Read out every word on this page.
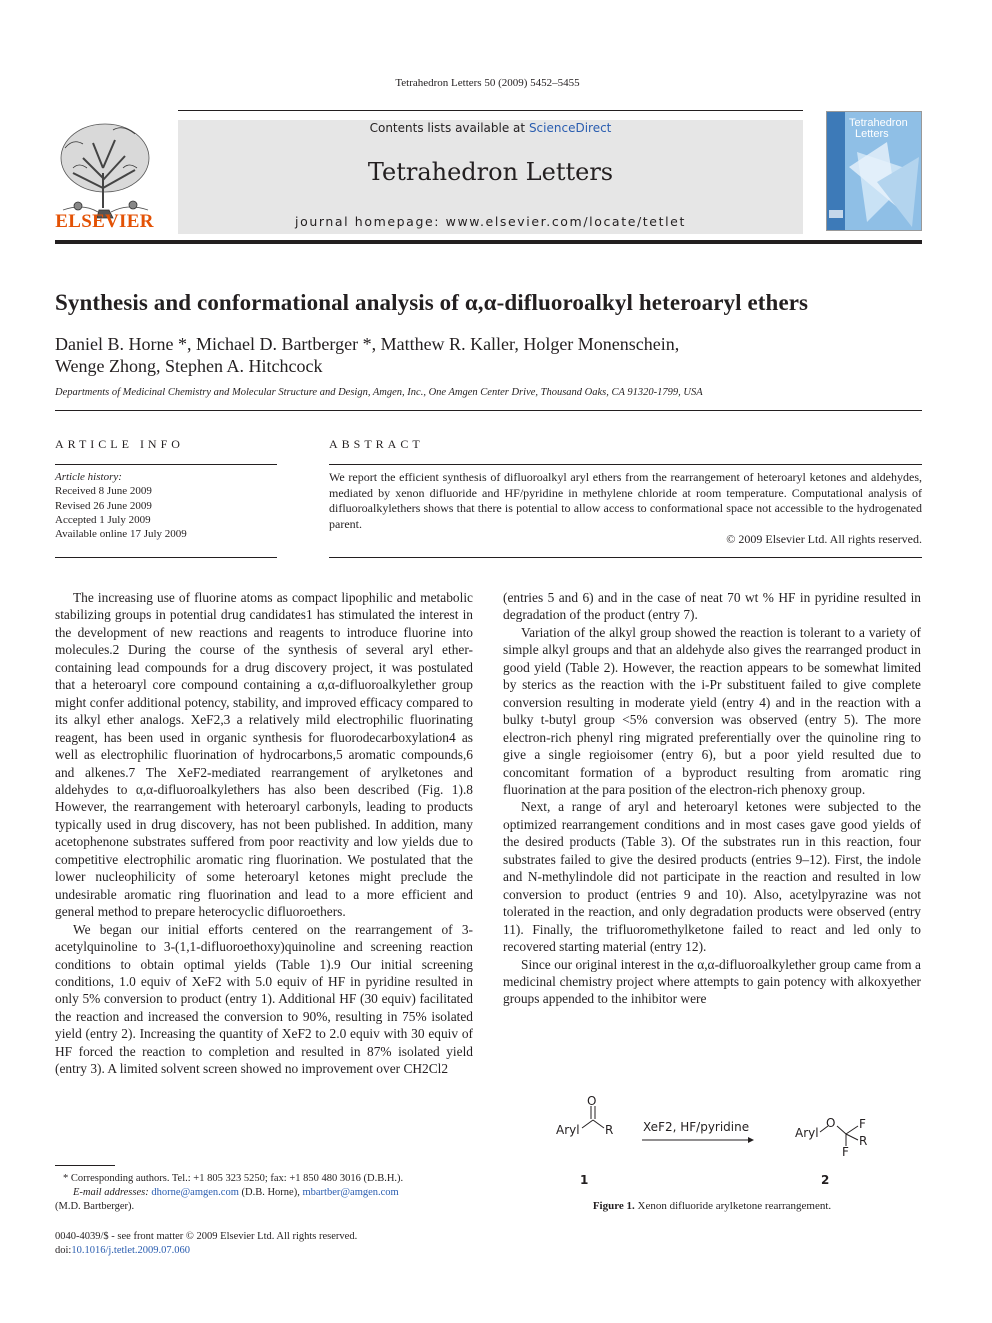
Tetrahedron Letters 50 (2009) 5452–5455
Contents lists available at ScienceDirect
Tetrahedron Letters
journal homepage: www.elsevier.com/locate/tetlet
ELSEVIER
Tetrahedron
Letters
Synthesis and conformational analysis of α,α-difluoroalkyl heteroaryl ethers
Daniel B. Horne *, Michael D. Bartberger *, Matthew R. Kaller, Holger Monenschein,
Wenge Zhong, Stephen A. Hitchcock
Departments of Medicinal Chemistry and Molecular Structure and Design, Amgen, Inc., One Amgen Center Drive, Thousand Oaks, CA 91320-1799, USA
ARTICLE INFO	ABSTRACT
Article history:
Received 8 June 2009
Revised 26 June 2009
Accepted 1 July 2009
Available online 17 July 2009
We report the efficient synthesis of difluoroalkyl aryl ethers from the rearrangement of heteroaryl ketones and aldehydes, mediated by xenon difluoride and HF/pyridine in methylene chloride at room temperature. Computational analysis of difluoroalkylethers shows that there is potential to allow access to conformational space not accessible to the hydrogenated parent.
© 2009 Elsevier Ltd. All rights reserved.

The increasing use of fluorine atoms as compact lipophilic and metabolic stabilizing groups in potential drug candidates1 has stimulated the interest in the development of new reactions and reagents to introduce fluorine into molecules.2 During the course of the synthesis of several aryl ether-containing lead compounds for a drug discovery project, it was postulated that a heteroaryl core compound containing a α,α-difluoroalkylether group might confer additional potency, stability, and improved efficacy compared to its alkyl ether analogs. XeF2,3 a relatively mild electrophilic fluorinating reagent, has been used in organic synthesis for fluorodecarboxylation4 as well as electrophilic fluorination of hydrocarbons,5 aromatic compounds,6 and alkenes.7 The XeF2-mediated rearrangement of arylketones and aldehydes to α,α-difluoroalkylethers has also been described (Fig. 1).8 However, the rearrangement with heteroaryl carbonyls, leading to products typically used in drug discovery, has not been published. In addition, many acetophenone substrates suffered from poor reactivity and low yields due to competitive electrophilic aromatic ring fluorination. We postulated that the lower nucleophilicity of some heteroaryl ketones might preclude the undesirable aromatic ring fluorination and lead to a more efficient and general method to prepare heterocyclic difluoroethers.

We began our initial efforts centered on the rearrangement of 3-acetylquinoline to 3-(1,1-difluoroethoxy)quinoline and screening reaction conditions to obtain optimal yields (Table 1).9 Our initial screening conditions, 1.0 equiv of XeF2 with 5.0 equiv of HF in pyridine resulted in only 5% conversion to product (entry 1). Additional HF (30 equiv) facilitated the reaction and increased the conversion to 90%, resulting in 75% isolated yield (entry 2). Increasing the quantity of XeF2 to 2.0 equiv with 30 equiv of HF forced the reaction to completion and resulted in 87% isolated yield (entry 3). A limited solvent screen showed no improvement over CH2Cl2

(entries 5 and 6) and in the case of neat 70 wt % HF in pyridine resulted in degradation of the product (entry 7).

Variation of the alkyl group showed the reaction is tolerant to a variety of simple alkyl groups and that an aldehyde also gives the rearranged product in good yield (Table 2). However, the reaction appears to be somewhat limited by sterics as the reaction with the i-Pr substituent failed to give complete conversion resulting in moderate yield (entry 4) and in the reaction with a bulky t-butyl group <5% conversion was observed (entry 5). The more electron-rich phenyl ring migrated preferentially over the quinoline ring to give a single regioisomer (entry 6), but a poor yield resulted due to concomitant formation of a byproduct resulting from aromatic ring fluorination at the para position of the electron-rich phenoxy group.

Next, a range of aryl and heteroaryl ketones were subjected to the optimized rearrangement conditions and in most cases gave good yields of the desired products (Table 3). Of the substrates run in this reaction, four substrates failed to give the desired products (entries 9–12). First, the indole and N-methylindole did not participate in the reaction and resulted in low conversion to product (entries 9 and 10). Also, acetylpyrazine was not tolerated in the reaction, and only degradation products were observed (entry 11). Finally, the trifluoromethylketone failed to react and led only to recovered starting material (entry 12).

Since our original interest in the α,α-difluoroalkylether group came from a medicinal chemistry project where attempts to gain potency with alkoxyether groups appended to the inhibitor were

* Corresponding authors. Tel.: +1 805 323 5250; fax: +1 850 480 3016 (D.B.H.).
E-mail addresses: dhorne@amgen.com (D.B. Horne), mbartber@amgen.com
(M.D. Bartberger).
0040-4039/$ - see front matter © 2009 Elsevier Ltd. All rights reserved.
doi:10.1016/j.tetlet.2009.07.060
Aryl
O
R XeF2, HF/pyridine	Aryl
O F
R
F
1	2
Figure 1. Xenon difluoride arylketone rearrangement.
